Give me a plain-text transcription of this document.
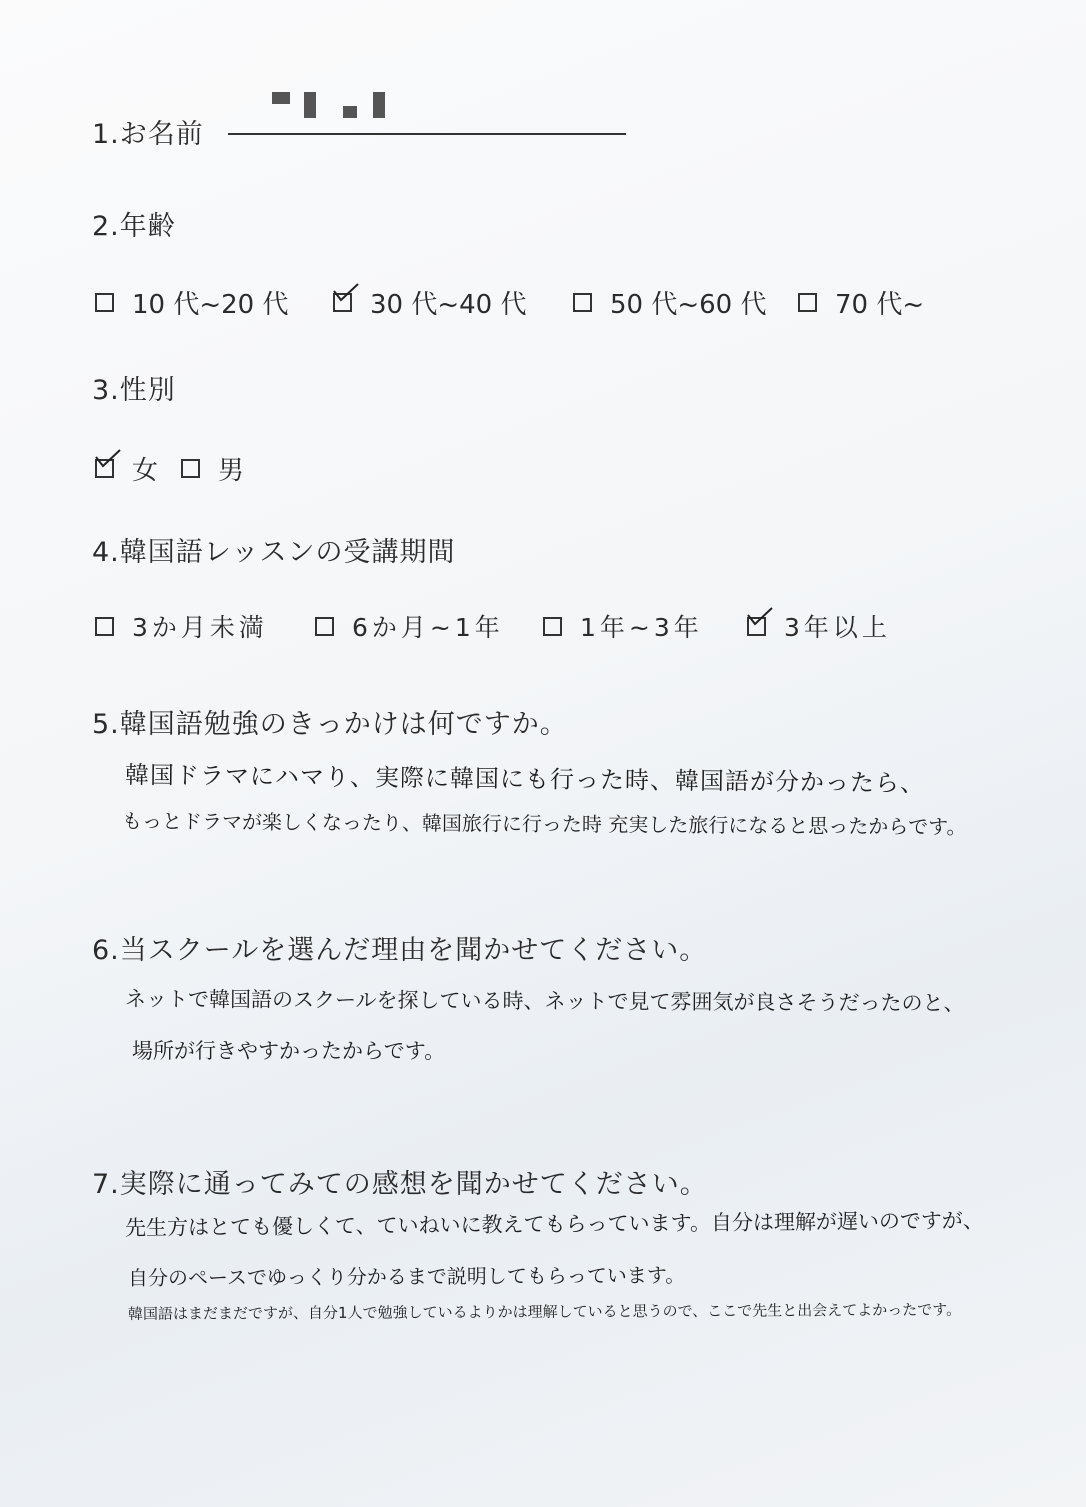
1.お名前
2.年齢
10 代~20 代	30 代~40 代	50 代~60 代	70 代~
3.性別
女 男
4.韓国語レッスンの受講期間
3か月未満	6か月~1年	1年~3年	3年以上
5.韓国語勉強のきっかけは何ですか。
韓国ドラマにハマり、実際に韓国にも行った時、韓国語が分かったら、
もっとドラマが楽しくなったり、韓国旅行に行った時 充実した旅行になると思ったからです。
6.当スクールを選んだ理由を聞かせてください。
ネットで韓国語のスクールを探している時、ネットで見て雰囲気が良さそうだったのと、
場所が行きやすかったからです。
7.実際に通ってみての感想を聞かせてください。
先生方はとても優しくて、ていねいに教えてもらっています。自分は理解が遅いのですが、
自分のペースでゆっくり分かるまで説明してもらっています。
韓国語はまだまだですが、自分1人で勉強しているよりかは理解していると思うので、ここで先生と出会えてよかったです。
